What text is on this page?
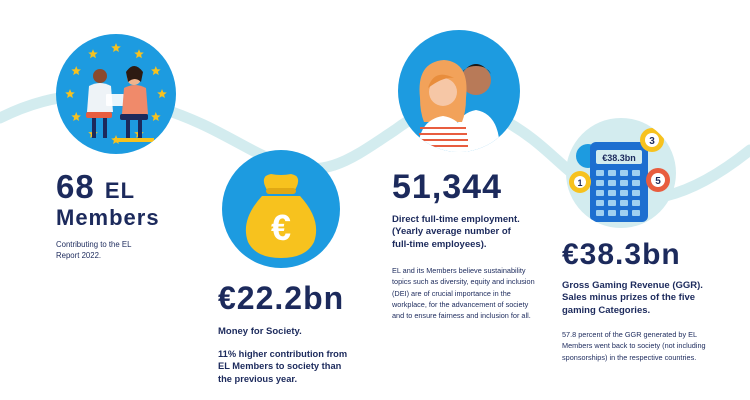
68 EL
Members
Contributing to the EL Report 2022.
€
€22.2bn
Money for Society.
11% higher contribution from EL Members to society than the previous year.
51,344
Direct full-time employment. (Yearly average number of full-time employees).
EL and its Members believe sustainability topics such as diversity, equity and inclusion (DEI) are of crucial importance in the workplace, for the advancement of society and to ensure fairness and inclusion for all.
€38.3bn
3
5
1
€38.3bn
Gross Gaming Revenue (GGR). Sales minus prizes of the five gaming Categories.
57.8 percent of the GGR generated by EL Members went back to society (not including sponsorships) in the respective countries.
